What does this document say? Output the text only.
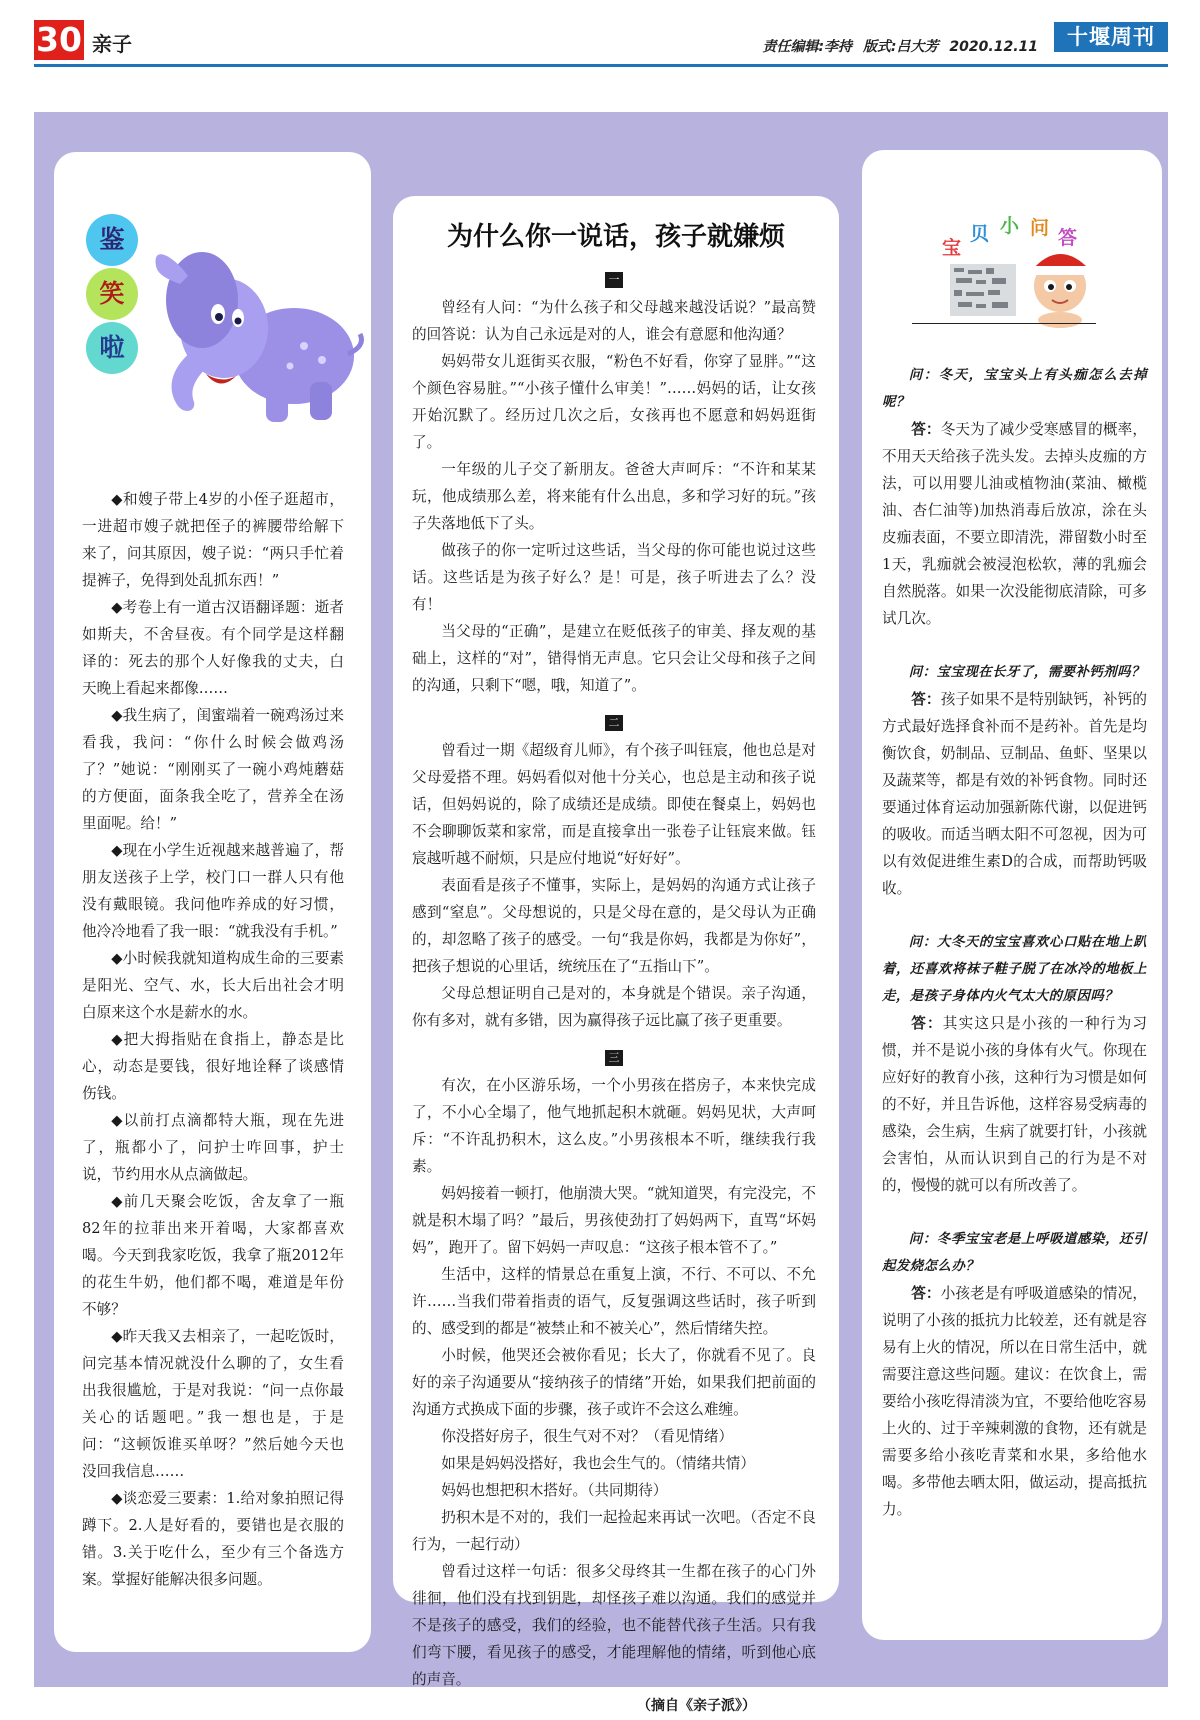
30 亲子	责任编辑:李持 版式:吕大芳 2020.12.11	十堰周刊
鉴
笑
啦

◆和嫂子带上4岁的小侄子逛超市，一进超市嫂子就把侄子的裤腰带给解下来了，问其原因，嫂子说：“两只手忙着提裤子，免得到处乱抓东西！”

◆考卷上有一道古汉语翻译题：逝者如斯夫，不舍昼夜。有个同学是这样翻译的：死去的那个人好像我的丈夫，白天晚上看起来都像……

◆我生病了，闺蜜端着一碗鸡汤过来看我，我问：“你什么时候会做鸡汤了？”她说：“刚刚买了一碗小鸡炖蘑菇的方便面，面条我全吃了，营养全在汤里面呢。给！”

◆现在小学生近视越来越普遍了，帮朋友送孩子上学，校门口一群人只有他没有戴眼镜。我问他咋养成的好习惯，他冷冷地看了我一眼：“就我没有手机。”

◆小时候我就知道构成生命的三要素是阳光、空气、水，长大后出社会才明白原来这个水是薪水的水。

◆把大拇指贴在食指上，静态是比心，动态是要钱，很好地诠释了谈感情伤钱。

◆以前打点滴都特大瓶，现在先进了，瓶都小了，问护士咋回事，护士说，节约用水从点滴做起。

◆前几天聚会吃饭，舍友拿了一瓶82年的拉菲出来开着喝，大家都喜欢喝。今天到我家吃饭，我拿了瓶2012年的花生牛奶，他们都不喝，难道是年份不够？

◆昨天我又去相亲了，一起吃饭时，问完基本情况就没什么聊的了，女生看出我很尴尬，于是对我说：“问一点你最关心的话题吧。”我一想也是，于是问：“这顿饭谁买单呀？”然后她今天也没回我信息……

◆谈恋爱三要素：1.给对象拍照记得蹲下。2.人是好看的，要错也是衣服的错。3.关于吃什么，至少有三个备选方案。掌握好能解决很多问题。

为什么你一说话，孩子就嫌烦
一

曾经有人问：“为什么孩子和父母越来越没话说？”最高赞的回答说：认为自己永远是对的人，谁会有意愿和他沟通？

妈妈带女儿逛街买衣服，“粉色不好看，你穿了显胖。”“这个颜色容易脏。”“小孩子懂什么审美！”……妈妈的话，让女孩开始沉默了。经历过几次之后，女孩再也不愿意和妈妈逛街了。

一年级的儿子交了新朋友。爸爸大声呵斥：“不许和某某玩，他成绩那么差，将来能有什么出息，多和学习好的玩。”孩子失落地低下了头。

做孩子的你一定听过这些话，当父母的你可能也说过这些话。这些话是为孩子好么？是！可是，孩子听进去了么？没有！

当父母的“正确”，是建立在贬低孩子的审美、择友观的基础上，这样的“对”，错得悄无声息。它只会让父母和孩子之间的沟通，只剩下“嗯，哦，知道了”。

二

曾看过一期《超级育儿师》，有个孩子叫钰宸，他也总是对父母爱搭不理。妈妈看似对他十分关心，也总是主动和孩子说话，但妈妈说的，除了成绩还是成绩。即使在餐桌上，妈妈也不会聊聊饭菜和家常，而是直接拿出一张卷子让钰宸来做。钰宸越听越不耐烦，只是应付地说“好好好”。

表面看是孩子不懂事，实际上，是妈妈的沟通方式让孩子感到“窒息”。父母想说的，只是父母在意的，是父母认为正确的，却忽略了孩子的感受。一句“我是你妈，我都是为你好”，把孩子想说的心里话，统统压在了“五指山下”。

父母总想证明自己是对的，本身就是个错误。亲子沟通，你有多对，就有多错，因为赢得孩子远比赢了孩子更重要。

三

有次，在小区游乐场，一个小男孩在搭房子，本来快完成了，不小心全塌了，他气地抓起积木就砸。妈妈见状，大声呵斥：“不许乱扔积木，这么皮。”小男孩根本不听，继续我行我素。

妈妈接着一顿打，他崩溃大哭。“就知道哭，有完没完，不就是积木塌了吗？”最后，男孩使劲打了妈妈两下，直骂“坏妈妈”，跑开了。留下妈妈一声叹息：“这孩子根本管不了。”

生活中，这样的情景总在重复上演，不行、不可以、不允许……当我们带着指责的语气，反复强调这些话时，孩子听到的、感受到的都是“被禁止和不被关心”，然后情绪失控。

小时候，他哭还会被你看见；长大了，你就看不见了。良好的亲子沟通要从“接纳孩子的情绪”开始，如果我们把前面的沟通方式换成下面的步骤，孩子或许不会这么难缠。

你没搭好房子，很生气对不对？（看见情绪）

如果是妈妈没搭好，我也会生气的。（情绪共情）

妈妈也想把积木搭好。（共同期待）

扔积木是不对的，我们一起捡起来再试一次吧。（否定不良行为，一起行动）

曾看过这样一句话：很多父母终其一生都在孩子的心门外徘徊，他们没有找到钥匙，却怪孩子难以沟通。我们的感觉并不是孩子的感受，我们的经验，也不能替代孩子生活。只有我们弯下腰，看见孩子的感受，才能理解他的情绪，听到他心底的声音。

（摘自《亲子派》）

宝
贝 小 问 答

问：冬天，宝宝头上有头痂怎么去掉呢？

答：冬天为了减少受寒感冒的概率，不用天天给孩子洗头发。去掉头皮痂的方法，可以用婴儿油或植物油(菜油、橄榄油、杏仁油等)加热消毒后放凉，涂在头皮痂表面，不要立即清洗，滞留数小时至1天，乳痂就会被浸泡松软，薄的乳痂会自然脱落。如果一次没能彻底清除，可多试几次。

问：宝宝现在长牙了，需要补钙剂吗？

答：孩子如果不是特别缺钙，补钙的方式最好选择食补而不是药补。首先是均衡饮食，奶制品、豆制品、鱼虾、坚果以及蔬菜等，都是有效的补钙食物。同时还要通过体育运动加强新陈代谢，以促进钙的吸收。而适当晒太阳不可忽视，因为可以有效促进维生素D的合成，而帮助钙吸收。

问：大冬天的宝宝喜欢心口贴在地上趴着，还喜欢将袜子鞋子脱了在冰冷的地板上走，是孩子身体内火气太大的原因吗？

答：其实这只是小孩的一种行为习惯，并不是说小孩的身体有火气。你现在应好好的教育小孩，这种行为习惯是如何的不好，并且告诉他，这样容易受病毒的感染，会生病，生病了就要打针，小孩就会害怕，从而认识到自己的行为是不对的，慢慢的就可以有所改善了。

问：冬季宝宝老是上呼吸道感染，还引起发烧怎么办？

答：小孩老是有呼吸道感染的情况，说明了小孩的抵抗力比较差，还有就是容易有上火的情况，所以在日常生活中，就需要注意这些问题。建议：在饮食上，需要给小孩吃得清淡为宜，不要给他吃容易上火的、过于辛辣刺激的食物，还有就是需要多给小孩吃青菜和水果，多给他水喝。多带他去晒太阳，做运动，提高抵抗力。
